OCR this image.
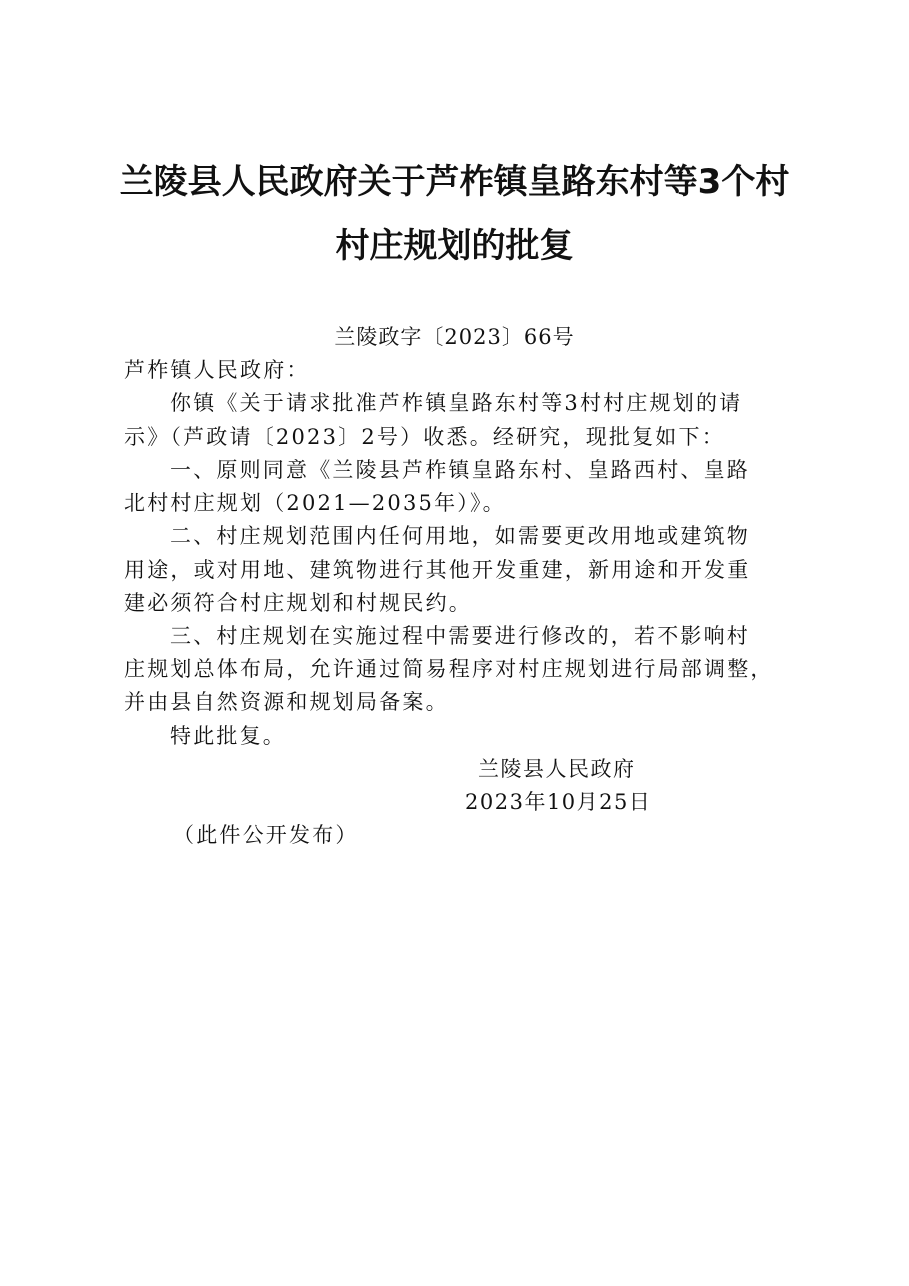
兰陵县人民政府关于芦柞镇皇路东村等3个村
村庄规划的批复
兰陵政字〔2023〕66号
芦柞镇人民政府：
你镇《关于请求批准芦柞镇皇路东村等3村村庄规划的请
示》（芦政请〔2023〕2号）收悉。经研究，现批复如下：
一、原则同意《兰陵县芦柞镇皇路东村、皇路西村、皇路
北村村庄规划（2021—2035年）》。
二、村庄规划范围内任何用地，如需要更改用地或建筑物
用途，或对用地、建筑物进行其他开发重建，新用途和开发重
建必须符合村庄规划和村规民约。
三、村庄规划在实施过程中需要进行修改的，若不影响村
庄规划总体布局，允许通过简易程序对村庄规划进行局部调整，
并由县自然资源和规划局备案。
特此批复。
兰陵县人民政府
2023年10月25日
（此件公开发布）
